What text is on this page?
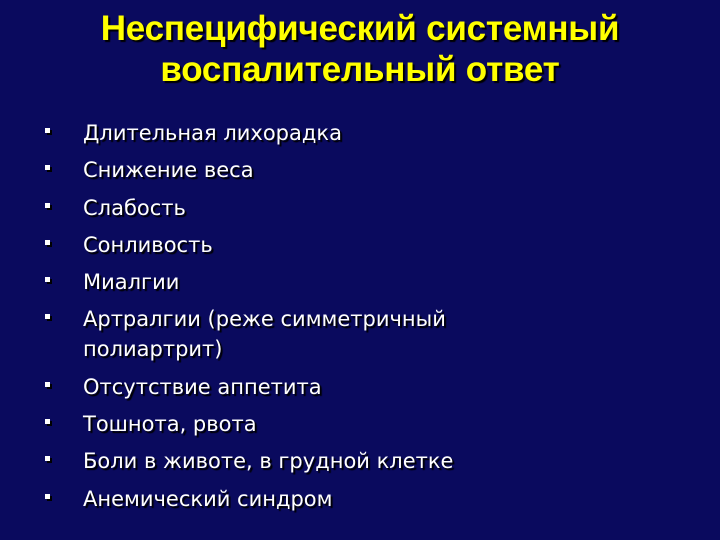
Неспецифический системный
воспалительный ответ
Длительная лихорадка
Снижение веса
Слабость
Сонливость
Миалгии
Артралгии (реже симметричный полиартрит)
Отсутствие аппетита
Тошнота, рвота
Боли в животе, в грудной клетке
Анемический синдром
